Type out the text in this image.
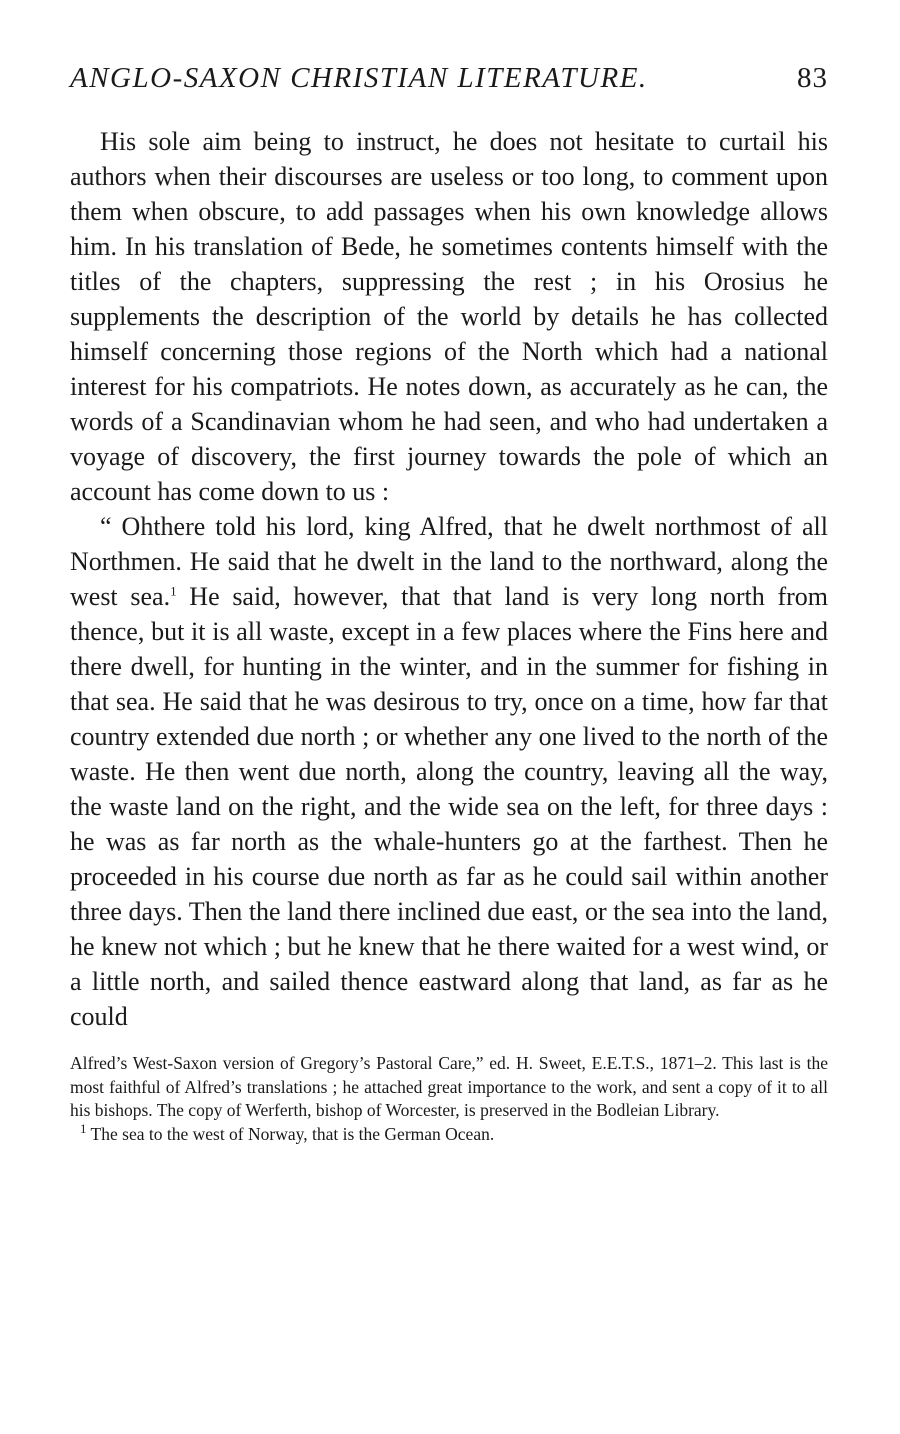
ANGLO-SAXON CHRISTIAN LITERATURE.	83

His sole aim being to instruct, he does not hesitate to curtail his authors when their discourses are useless or too long, to comment upon them when obscure, to add passages when his own knowledge allows him. In his translation of Bede, he sometimes contents himself with the titles of the chapters, suppressing the rest ; in his Orosius he supplements the description of the world by details he has collected himself concerning those regions of the North which had a national interest for his compatriots. He notes down, as accurately as he can, the words of a Scandinavian whom he had seen, and who had undertaken a voyage of discovery, the first journey towards the pole of which an account has come down to us :

“ Ohthere told his lord, king Alfred, that he dwelt northmost of all Northmen. He said that he dwelt in the land to the northward, along the west sea.$^1$ He said, however, that that land is very long north from thence, but it is all waste, except in a few places where the Fins here and there dwell, for hunting in the winter, and in the summer for fishing in that sea. He said that he was desirous to try, once on a time, how far that country extended due north ; or whether any one lived to the north of the waste. He then went due north, along the country, leaving all the way, the waste land on the right, and the wide sea on the left, for three days : he was as far north as the whale-hunters go at the farthest. Then he proceeded in his course due north as far as he could sail within another three days. Then the land there inclined due east, or the sea into the land, he knew not which ; but he knew that he there waited for a west wind, or a little north, and sailed thence eastward along that land, as far as he could

Alfred’s West-Saxon version of Gregory’s Pastoral Care,” ed. H. Sweet, E.E.T.S., 1871–2. This last is the most faithful of Alfred’s translations ; he attached great importance to the work, and sent a copy of it to all his bishops. The copy of Werferth, bishop of Worcester, is preserved in the Bodleian Library.

$^1$ The sea to the west of Norway, that is the German Ocean.
